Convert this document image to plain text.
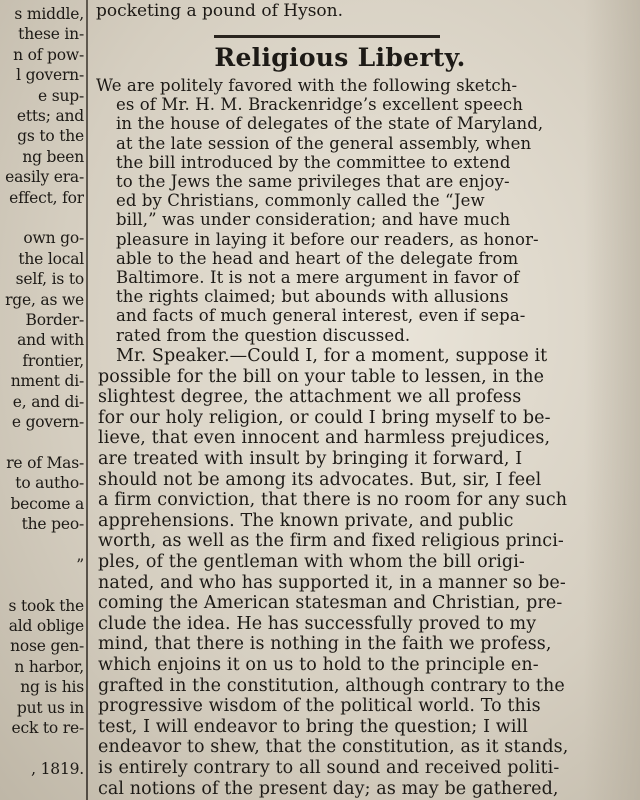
s middle,
these in-
n of pow-
l govern-
e sup-
etts; and
gs to the
ng been
easily era-
effect, for
own go-
the local
self, is to
rge, as we
Border-
and with
frontier,
nment di-
e, and di-
e govern-
re of Mas-
to autho-
become a
the peo-
”
s took the
ald oblige
nose gen-
n harbor,
ng is his
put us in
eck to re-
, 1819.
pocketing a pound of Hyson.
Religious Liberty.
We are politely favored with the following sketch-
es of Mr. H. M. Brackenridge’s excellent speech
in the house of delegates of the state of Maryland,
at the late session of the general assembly, when
the bill introduced by the committee to extend
to the Jews the same privileges that are enjoy-
ed by Christians, commonly called the “Jew
bill,” was under consideration; and have much
pleasure in laying it before our readers, as honor-
able to the head and heart of the delegate from
Baltimore. It is not a mere argument in favor of
the rights claimed; but abounds with allusions
and facts of much general interest, even if sepa-
rated from the question discussed.
Mr. Speaker.—Could I, for a moment, suppose it
possible for the bill on your table to lessen, in the
slightest degree, the attachment we all profess
for our holy religion, or could I bring myself to be-
lieve, that even innocent and harmless prejudices,
are treated with insult by bringing it forward, I
should not be among its advocates. But, sir, I feel
a firm conviction, that there is no room for any such
apprehensions. The known private, and public
worth, as well as the firm and fixed religious princi-
ples, of the gentleman with whom the bill origi-
nated, and who has supported it, in a manner so be-
coming the American statesman and Christian, pre-
clude the idea. He has successfully proved to my
mind, that there is nothing in the faith we profess,
which enjoins it on us to hold to the principle en-
grafted in the constitution, although contrary to the
progressive wisdom of the political world. To this
test, I will endeavor to bring the question; I will
endeavor to shew, that the constitution, as it stands,
is entirely contrary to all sound and received politi-
cal notions of the present day; as may be gathered,
